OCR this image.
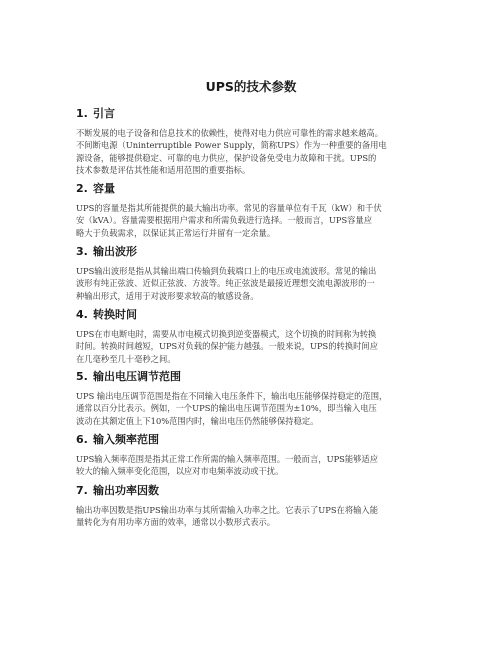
UPS的技术参数
1. 引言

不断发展的电子设备和信息技术的依赖性，使得对电力供应可靠性的需求越来越高。

不间断电源（Uninterruptible Power Supply，简称UPS）作为一种重要的备用电

源设备，能够提供稳定、可靠的电力供应，保护设备免受电力故障和干扰。UPS的

技术参数是评估其性能和适用范围的重要指标。

2. 容量

UPS的容量是指其所能提供的最大输出功率。常见的容量单位有千瓦（kW）和千伏

安（kVA）。容量需要根据用户需求和所需负载进行选择。一般而言，UPS容量应

略大于负载需求，以保证其正常运行并留有一定余量。

3. 输出波形

UPS输出波形是指从其输出端口传输到负载端口上的电压或电流波形。常见的输出

波形有纯正弦波、近似正弦波、方波等。纯正弦波是最接近理想交流电源波形的一

种输出形式，适用于对波形要求较高的敏感设备。

4. 转换时间

UPS在市电断电时，需要从市电模式切换到逆变器模式，这个切换的时间称为转换

时间。转换时间越短，UPS对负载的保护能力越强。一般来说，UPS的转换时间应

在几毫秒至几十毫秒之间。

5. 输出电压调节范围

UPS 输出电压调节范围是指在不同输入电压条件下，输出电压能够保持稳定的范围，

通常以百分比表示。例如，一个UPS的输出电压调节范围为±10%，即当输入电压

波动在其额定值上下10%范围内时，输出电压仍然能够保持稳定。

6. 输入频率范围

UPS输入频率范围是指其正常工作所需的输入频率范围。一般而言，UPS能够适应

较大的输入频率变化范围，以应对市电频率波动或干扰。

7. 输出功率因数

输出功率因数是指UPS输出功率与其所需输入功率之比。它表示了UPS在将输入能

量转化为有用功率方面的效率，通常以小数形式表示。
